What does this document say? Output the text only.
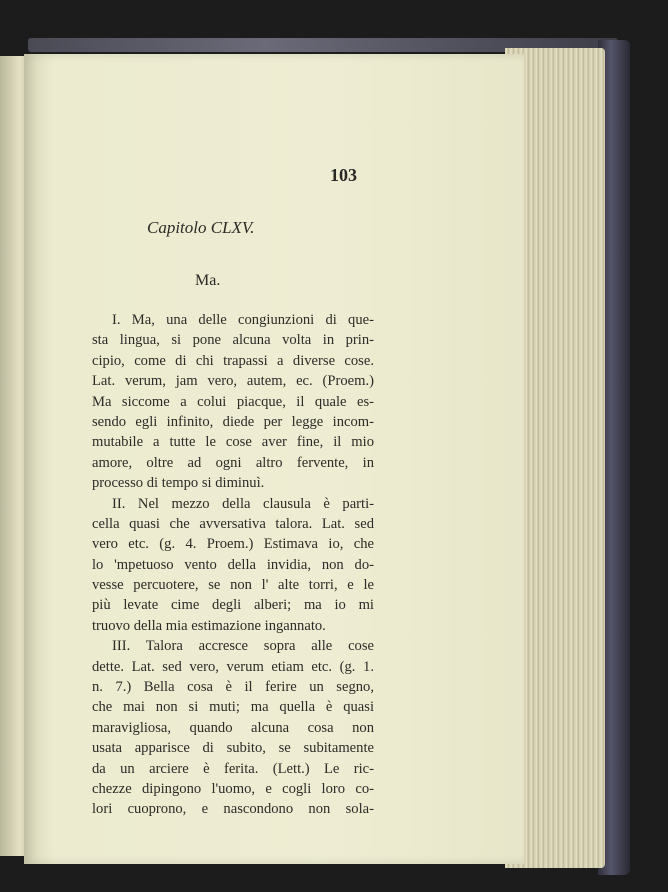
103
Capitolo CLXV.
Ma.
I. Ma, una delle congiunzioni di que-
sta lingua, si pone alcuna volta in prin-
cipio, come di chi trapassi a diverse cose.
Lat. verum, jam vero, autem, ec. (Proem.)
Ma siccome a colui piacque, il quale es-
sendo egli infinito, diede per legge incom-
mutabile a tutte le cose aver fine, il mio
amore, oltre ad ogni altro fervente, in
processo di tempo si diminuì.
II. Nel mezzo della clausula è parti-
cella quasi che avversativa talora. Lat. sed
vero etc. (g. 4. Proem.) Estimava io, che
lo 'mpetuoso vento della invidia, non do-
vesse percuotere, se non l' alte torri, e le
più levate cime degli alberi; ma io mi
truovo della mia estimazione ingannato.
III. Talora accresce sopra alle cose
dette. Lat. sed vero, verum etiam etc. (g. 1.
n. 7.) Bella cosa è il ferire un segno,
che mai non si muti; ma quella è quasi
maravigliosa, quando alcuna cosa non
usata apparisce di subito, se subitamente
da un arciere è ferita. (Lett.) Le ric-
chezze dipingono l'uomo, e cogli loro co-
lori cuoprono, e nascondono non sola-
